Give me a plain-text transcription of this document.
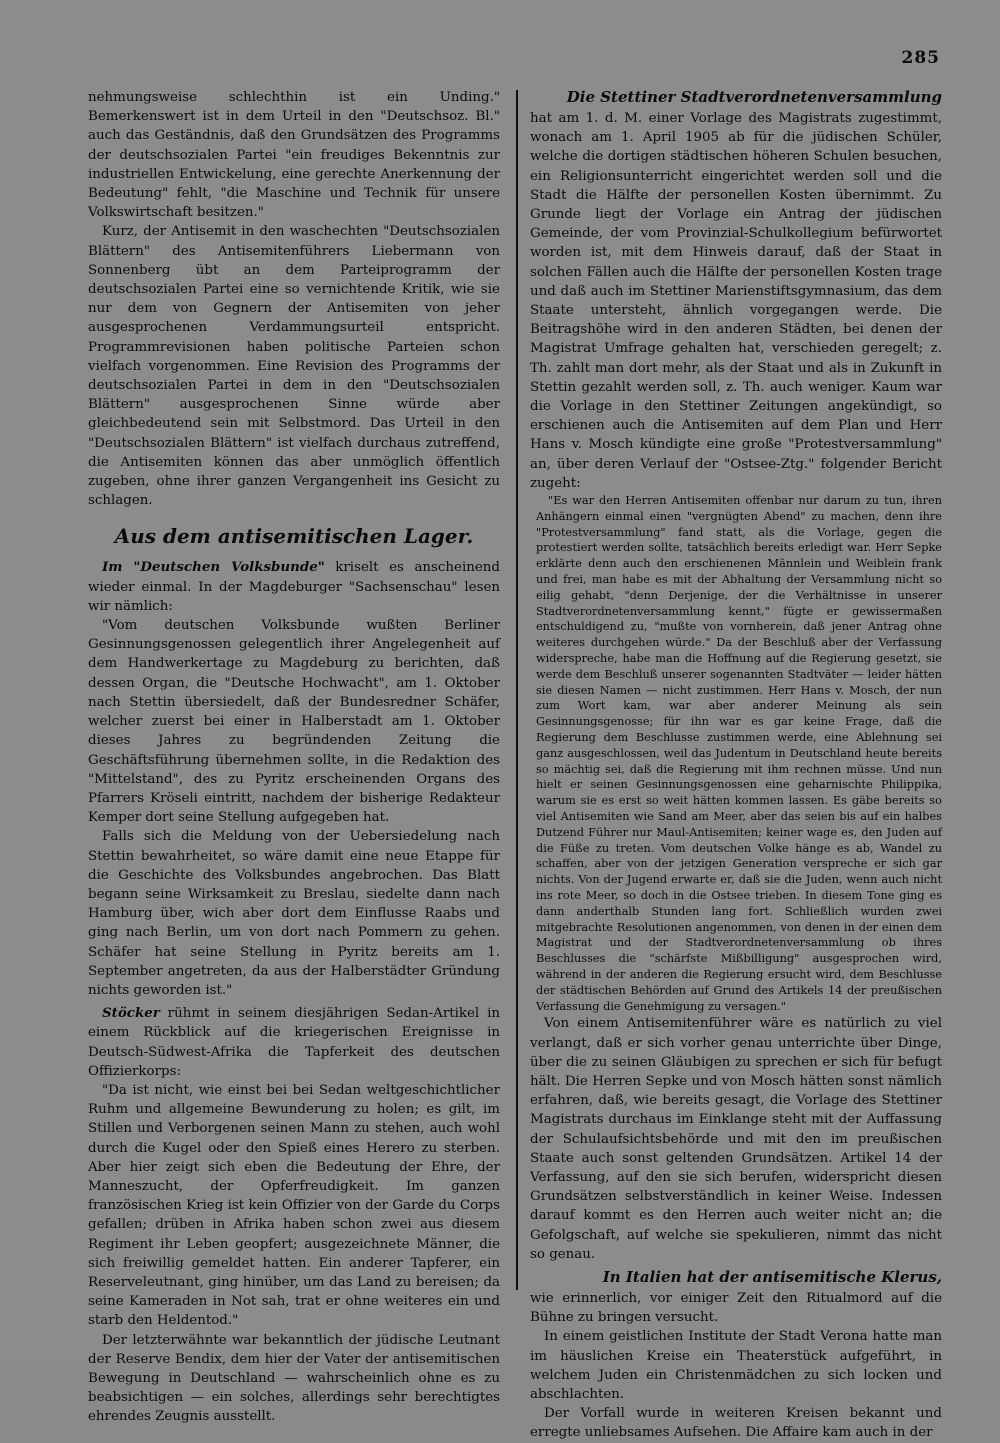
285

nehmungsweise schlechthin ist ein Unding." Bemerkenswert ist in dem Urteil in den "Deutschsoz. Bl." auch das Geständnis, daß den Grundsätzen des Programms der deutschsozialen Partei "ein freudiges Bekenntnis zur industriellen Entwickelung, eine gerechte Anerkennung der Bedeutung" fehlt, "die Maschine und Technik für unsere Volkswirtschaft besitzen."

Kurz, der Antisemit in den waschechten "Deutschsozialen Blättern" des Antisemitenführers Liebermann von Sonnenberg übt an dem Parteiprogramm der deutschsozialen Partei eine so vernichtende Kritik, wie sie nur dem von Gegnern der Antisemiten von jeher ausgesprochenen Verdammungsurteil entspricht. Programmrevisionen haben politische Parteien schon vielfach vorgenommen. Eine Revision des Programms der deutschsozialen Partei in dem in den "Deutschsozialen Blättern" ausgesprochenen Sinne würde aber gleichbedeutend sein mit Selbstmord. Das Urteil in den "Deutschsozialen Blättern" ist vielfach durchaus zutreffend, die Antisemiten können das aber unmöglich öffentlich zugeben, ohne ihrer ganzen Vergangenheit ins Gesicht zu schlagen.

Aus dem antisemitischen Lager.

Im "Deutschen Volksbunde" kriselt es anscheinend wieder einmal. In der Magdeburger "Sachsenschau" lesen wir nämlich:

"Vom deutschen Volksbunde wußten Berliner Gesinnungsgenossen gelegentlich ihrer Angelegenheit auf dem Handwerkertage zu Magdeburg zu berichten, daß dessen Organ, die "Deutsche Hochwacht", am 1. Oktober nach Stettin übersiedelt, daß der Bundesredner Schäfer, welcher zuerst bei einer in Halberstadt am 1. Oktober dieses Jahres zu begründenden Zeitung die Geschäftsführung übernehmen sollte, in die Redaktion des "Mittelstand", des zu Pyritz erscheinenden Organs des Pfarrers Kröseli eintritt, nachdem der bisherige Redakteur Kemper dort seine Stellung aufgegeben hat.

Falls sich die Meldung von der Uebersiedelung nach Stettin bewahrheitet, so wäre damit eine neue Etappe für die Geschichte des Volksbundes angebrochen. Das Blatt begann seine Wirksamkeit zu Breslau, siedelte dann nach Hamburg über, wich aber dort dem Einflusse Raabs und ging nach Berlin, um von dort nach Pommern zu gehen. Schäfer hat seine Stellung in Pyritz bereits am 1. September angetreten, da aus der Halberstädter Gründung nichts geworden ist."

Stöcker rühmt in seinem diesjährigen Sedan-Artikel in einem Rückblick auf die kriegerischen Ereignisse in Deutsch-Südwest-Afrika die Tapferkeit des deutschen Offizierkorps:

"Da ist nicht, wie einst bei bei Sedan weltgeschichtlicher Ruhm und allgemeine Bewunderung zu holen; es gilt, im Stillen und Verborgenen seinen Mann zu stehen, auch wohl durch die Kugel oder den Spieß eines Herero zu sterben. Aber hier zeigt sich eben die Bedeutung der Ehre, der Manneszucht, der Opferfreudigkeit. Im ganzen französischen Krieg ist kein Offizier von der Garde du Corps gefallen; drüben in Afrika haben schon zwei aus diesem Regiment ihr Leben geopfert; ausgezeichnete Männer, die sich freiwillig gemeldet hatten. Ein anderer Tapferer, ein Reserveleutnant, ging hinüber, um das Land zu bereisen; da seine Kameraden in Not sah, trat er ohne weiteres ein und starb den Heldentod."

Der letzterwähnte war bekanntlich der jüdische Leutnant der Reserve Bendix, dem hier der Vater der antisemitischen Bewegung in Deutschland — wahrscheinlich ohne es zu beabsichtigen — ein solches, allerdings sehr berechtigtes ehrendes Zeugnis ausstellt.

Die Stettiner Stadtverordnetenversammlung

hat am 1. d. M. einer Vorlage des Magistrats zugestimmt, wonach am 1. April 1905 ab für die jüdischen Schüler, welche die dortigen städtischen höheren Schulen besuchen, ein Religionsunterricht eingerichtet werden soll und die Stadt die Hälfte der personellen Kosten übernimmt. Zu Grunde liegt der Vorlage ein Antrag der jüdischen Gemeinde, der vom Provinzial-Schulkollegium befürwortet worden ist, mit dem Hinweis darauf, daß der Staat in solchen Fällen auch die Hälfte der personellen Kosten trage und daß auch im Stettiner Marienstiftsgymnasium, das dem Staate untersteht, ähnlich vorgegangen werde. Die Beitragshöhe wird in den anderen Städten, bei denen der Magistrat Umfrage gehalten hat, verschieden geregelt; z. Th. zahlt man dort mehr, als der Staat und als in Zukunft in Stettin gezahlt werden soll, z. Th. auch weniger. Kaum war die Vorlage in den Stettiner Zeitungen angekündigt, so erschienen auch die Antisemiten auf dem Plan und Herr Hans v. Mosch kündigte eine große "Protestversammlung" an, über deren Verlauf der "Ostsee-Ztg." folgender Bericht zugeht:

"Es war den Herren Antisemiten offenbar nur darum zu tun, ihren Anhängern einmal einen "vergnügten Abend" zu machen, denn ihre "Protestversammlung" fand statt, als die Vorlage, gegen die protestiert werden sollte, tatsächlich bereits erledigt war. Herr Sepke erklärte denn auch den erschienenen Männlein und Weiblein frank und frei, man habe es mit der Abhaltung der Versammlung nicht so eilig gehabt, "denn Derjenige, der die Verhältnisse in unserer Stadtverordnetenversammlung kennt," fügte er gewissermaßen entschuldigend zu, "mußte von vornherein, daß jener Antrag ohne weiteres durchgehen würde." Da der Beschluß aber der Verfassung widerspreche, habe man die Hoffnung auf die Regierung gesetzt, sie werde dem Beschluß unserer sogenannten Stadtväter — leider hätten sie diesen Namen — nicht zustimmen. Herr Hans v. Mosch, der nun zum Wort kam, war aber anderer Meinung als sein Gesinnungsgenosse; für ihn war es gar keine Frage, daß die Regierung dem Beschlusse zustimmen werde, eine Ablehnung sei ganz ausgeschlossen, weil das Judentum in Deutschland heute bereits so mächtig sei, daß die Regierung mit ihm rechnen müsse. Und nun hielt er seinen Gesinnungsgenossen eine geharnischte Philippika, warum sie es erst so weit hätten kommen lassen. Es gäbe bereits so viel Antisemiten wie Sand am Meer, aber das seien bis auf ein halbes Dutzend Führer nur Maul-Antisemiten; keiner wage es, den Juden auf die Füße zu treten. Vom deutschen Volke hänge es ab, Wandel zu schaffen, aber von der jetzigen Generation verspreche er sich gar nichts. Von der Jugend erwarte er, daß sie die Juden, wenn auch nicht ins rote Meer, so doch in die Ostsee trieben. In diesem Tone ging es dann anderthalb Stunden lang fort. Schließlich wurden zwei mitgebrachte Resolutionen angenommen, von denen in der einen dem Magistrat und der Stadtverordnetenversammlung ob ihres Beschlusses die "schärfste Mißbilligung" ausgesprochen wird, während in der anderen die Regierung ersucht wird, dem Beschlusse der städtischen Behörden auf Grund des Artikels 14 der preußischen Verfassung die Genehmigung zu versagen."

Von einem Antisemitenführer wäre es natürlich zu viel verlangt, daß er sich vorher genau unterrichte über Dinge, über die zu seinen Gläubigen zu sprechen er sich für befugt hält. Die Herren Sepke und von Mosch hätten sonst nämlich erfahren, daß, wie bereits gesagt, die Vorlage des Stettiner Magistrats durchaus im Einklange steht mit der Auffassung der Schulaufsichtsbehörde und mit den im preußischen Staate auch sonst geltenden Grundsätzen. Artikel 14 der Verfassung, auf den sie sich berufen, widerspricht diesen Grundsätzen selbstverständlich in keiner Weise. Indessen darauf kommt es den Herren auch weiter nicht an; die Gefolgschaft, auf welche sie spekulieren, nimmt das nicht so genau.

In Italien hat der antisemitische Klerus,

wie erinnerlich, vor einiger Zeit den Ritualmord auf die Bühne zu bringen versucht.

In einem geistlichen Institute der Stadt Verona hatte man im häuslichen Kreise ein Theaterstück aufgeführt, in welchem Juden ein Christenmädchen zu sich locken und abschlachten.

Der Vorfall wurde in weiteren Kreisen bekannt und erregte unliebsames Aufsehen. Die Affaire kam auch in der
